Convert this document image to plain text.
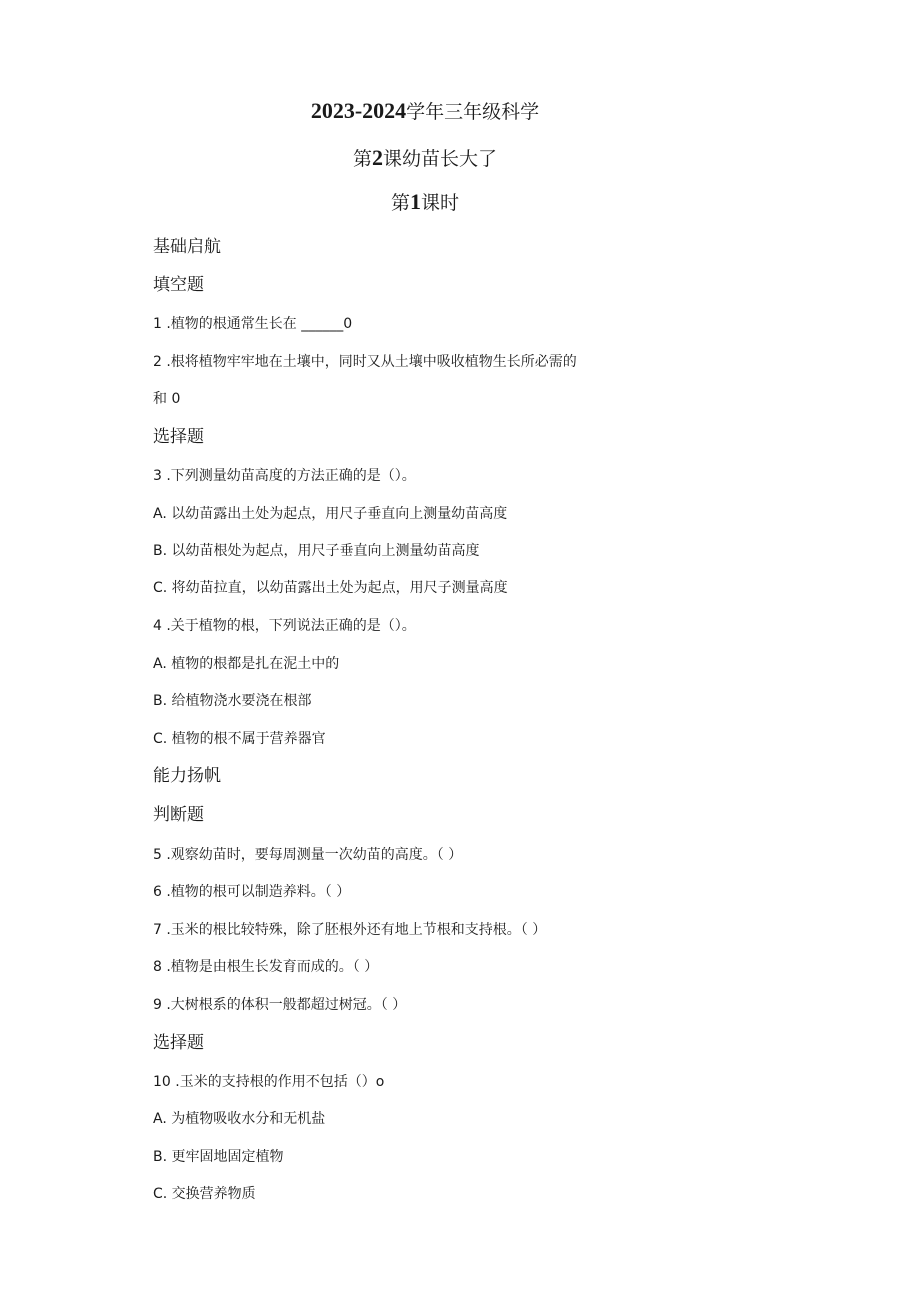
2023-2024学年三年级科学
第2课幼苗长大了
第1课时
基础启航
填空题
1 .植物的根通常生长在 ______0
2 .根将植物牢牢地在土壤中，同时又从土壤中吸收植物生长所必需的
和 0
选择题
3 .下列测量幼苗高度的方法正确的是（）。
A. 以幼苗露出土处为起点，用尺子垂直向上测量幼苗高度
B. 以幼苗根处为起点，用尺子垂直向上测量幼苗高度
C. 将幼苗拉直，以幼苗露出土处为起点，用尺子测量高度
4 .关于植物的根，下列说法正确的是（）。
A. 植物的根都是扎在泥土中的
B. 给植物浇水要浇在根部
C. 植物的根不属于营养器官
能力扬帆
判断题
5 .观察幼苗时，要每周测量一次幼苗的高度。（ ）
6 .植物的根可以制造养料。（ ）
7 .玉米的根比较特殊，除了胚根外还有地上节根和支持根。（ ）
8 .植物是由根生长发育而成的。（ ）
9 .大树根系的体积一般都超过树冠。（ ）
选择题
10 .玉米的支持根的作用不包括（）o
A. 为植物吸收水分和无机盐
B. 更牢固地固定植物
C. 交换营养物质
